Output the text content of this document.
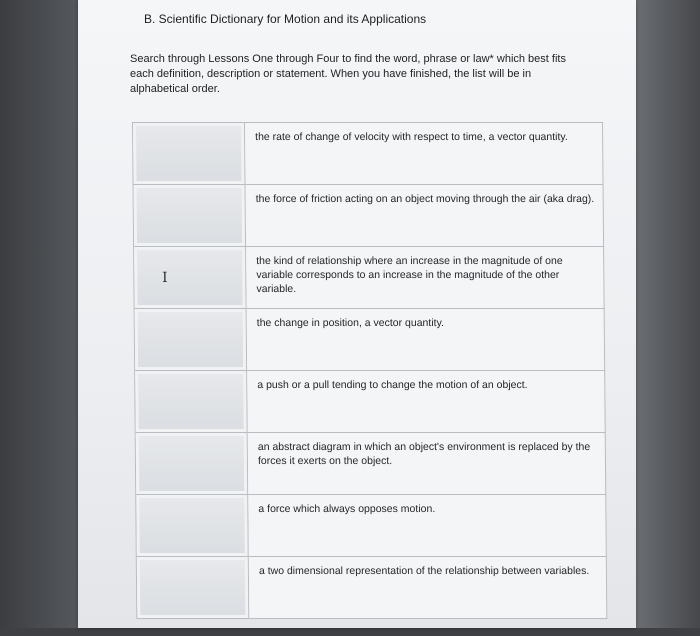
B. Scientific Dictionary for Motion and its Applications
Search through Lessons One through Four to find the word, phrase or law* which best fits each definition, description or statement. When you have finished, the list will be in alphabetical order.
the rate of change of velocity with respect to time, a vector quantity.
the force of friction acting on an object moving through the air (aka drag).
I
the kind of relationship where an increase in the magnitude of one variable corresponds to an increase in the magnitude of the other variable.
the change in position, a vector quantity.
a push or a pull tending to change the motion of an object.
an abstract diagram in which an object's environment is replaced by the forces it exerts on the object.
a force which always opposes motion.
a two dimensional representation of the relationship between variables.
